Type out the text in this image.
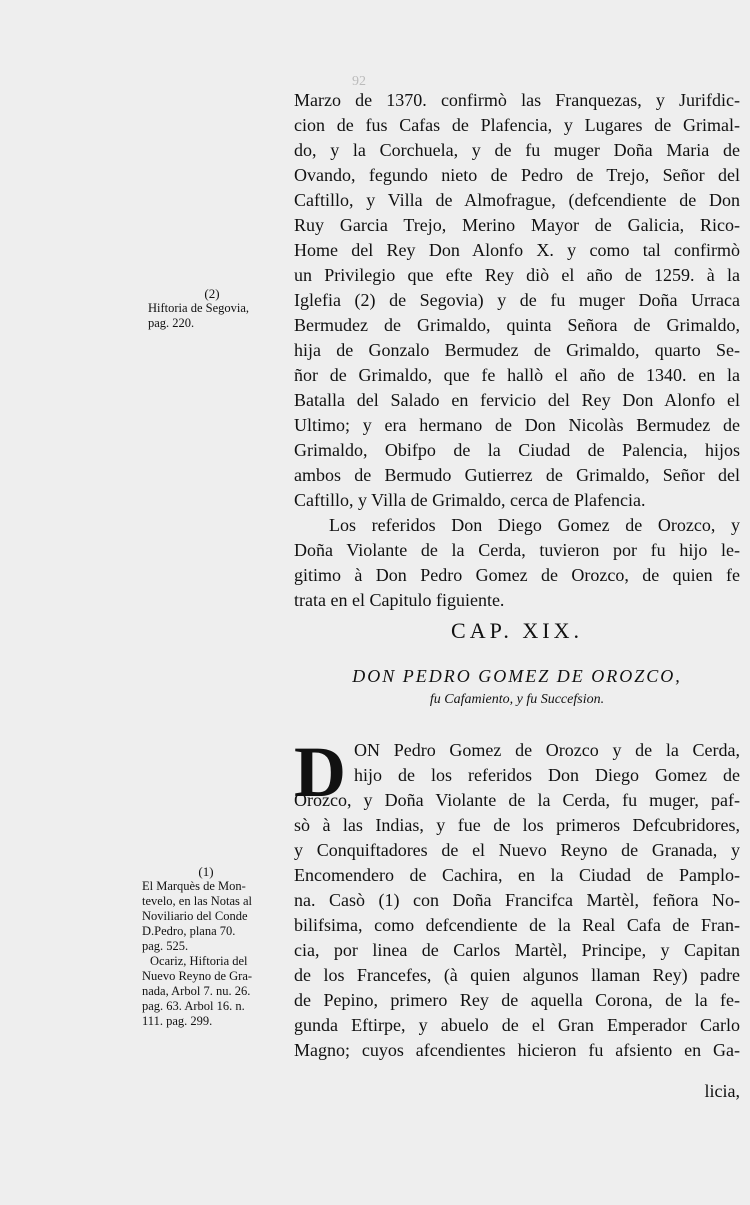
92
Marzo de 1370. confirmò las Franquezas, y Jurifdic-
cion de fus Cafas de Plafencia, y Lugares de Grimal-
do, y la Corchuela, y de fu muger Doña Maria de
Ovando, fegundo nieto de Pedro de Trejo, Señor del
Caftillo, y Villa de Almofrague, (defcendiente de Don
Ruy Garcia Trejo, Merino Mayor de Galicia, Rico-
Home del Rey Don Alonfo X. y como tal confirmò
un Privilegio que efte Rey diò el año de 1259. à la
Iglefia (2) de Segovia) y de fu muger Doña Urraca
Bermudez de Grimaldo, quinta Señora de Grimaldo,
hija de Gonzalo Bermudez de Grimaldo, quarto Se-
ñor de Grimaldo, que fe hallò el año de 1340. en la
Batalla del Salado en fervicio del Rey Don Alonfo el
Ultimo; y era hermano de Don Nicolàs Bermudez de
Grimaldo, Obifpo de la Ciudad de Palencia, hijos
ambos de Bermudo Gutierrez de Grimaldo, Señor del
Caftillo, y Villa de Grimaldo, cerca de Plafencia.
Los referidos Don Diego Gomez de Orozco, y
Doña Violante de la Cerda, tuvieron por fu hijo le-
gitimo à Don Pedro Gomez de Orozco, de quien fe
trata en el Capitulo figuiente.
CAP. XIX.
DON PEDRO GOMEZ DE OROZCO,
fu Cafamiento, y fu Succefsion.
D ON Pedro Gomez de Orozco y de la Cerda,
hijo de los referidos Don Diego Gomez de
Orozco, y Doña Violante de la Cerda, fu muger, paf-
sò à las Indias, y fue de los primeros Defcubridores,
y Conquiftadores de el Nuevo Reyno de Granada, y
Encomendero de Cachira, en la Ciudad de Pamplo-
na. Casò (1) con Doña Francifca Martèl, feñora No-
bilifsima, como defcendiente de la Real Cafa de Fran-
cia, por linea de Carlos Martèl, Principe, y Capitan
de los Francefes, (à quien algunos llaman Rey) padre
de Pepino, primero Rey de aquella Corona, de la fe-
gunda Eftirpe, y abuelo de el Gran Emperador Carlo
Magno; cuyos afcendientes hicieron fu afsiento en Ga-
licia,
(2)
Hiftoria de Segovia,
pag. 220.
(1)
El Marquès de Mon-
tevelo, en las Notas al
Noviliario del Conde
D.Pedro, plana 70.
pag. 525.
Ocariz, Hiftoria del
Nuevo Reyno de Gra-
nada, Arbol 7. nu. 26.
pag. 63. Arbol 16. n.
111. pag. 299.
